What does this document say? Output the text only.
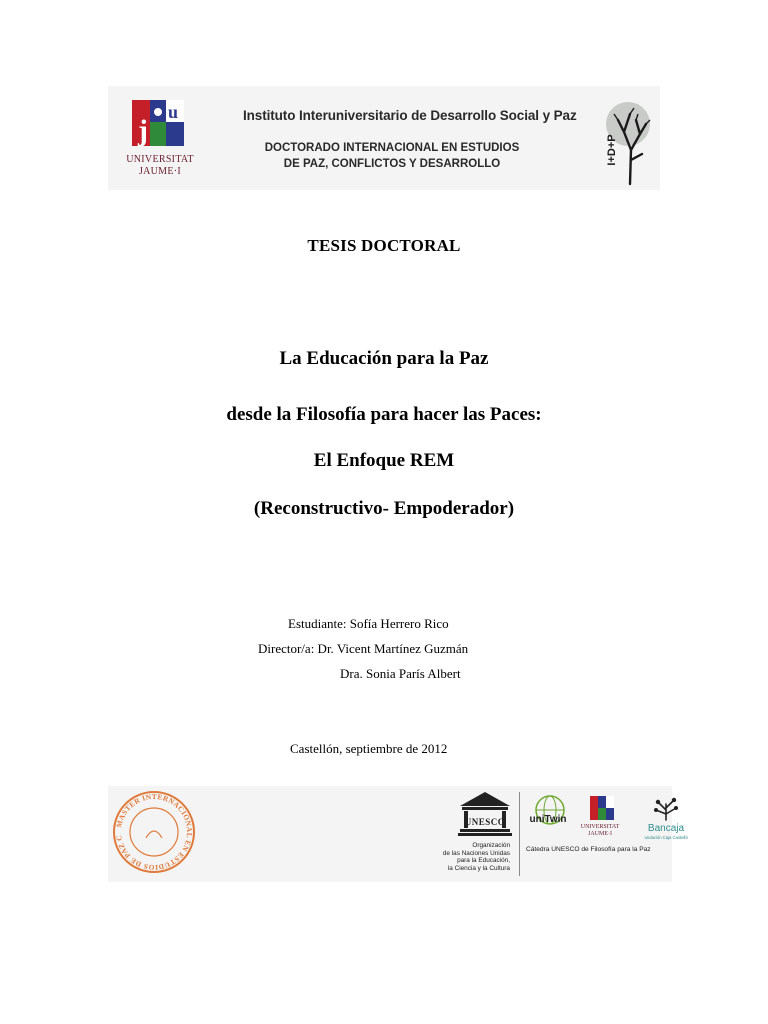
j
u
UNIVERSITAT
JAUME·I
Instituto Interuniversitario de Desarrollo Social y Paz
DOCTORADO INTERNACIONAL EN ESTUDIOS
DE PAZ, CONFLICTOS Y DESARROLLO	I+D+P
TESIS DOCTORAL
La Educación para la Paz
desde la Filosofía para hacer las Paces:
El Enfoque REM
(Reconstructivo- Empoderador)
Estudiante: Sofía Herrero Rico
Director/a: Dr. Vicent Martínez Guzmán
Dra. Sonia París Albert
Castellón, septiembre de 2012
MASTER INTERNACIONAL EN ESTUDIOS DE PAZ C
UNESCO
Organización
de las Naciones Unidas
para la Educación,
la Ciencia y la Cultura
uniTwin
UNIVERSITAT
JAUME·I	Bancaja
Fundación Caja Castellón
Cátedra UNESCO de Filosofía para la Paz
